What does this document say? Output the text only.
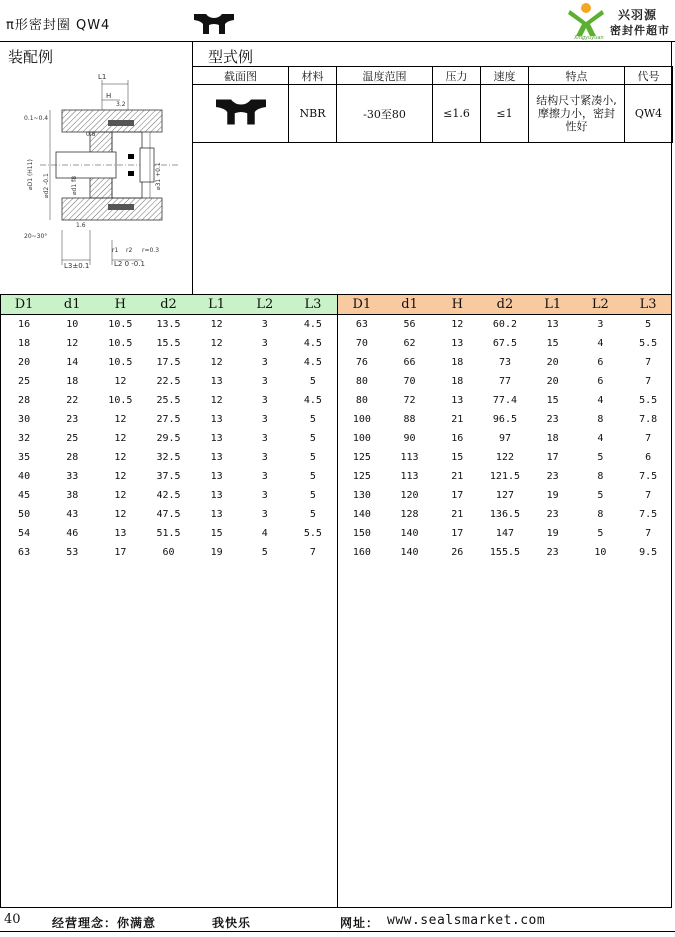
π形密封圈 QW4
兴羽源
密封件超市
Xingyuyuan
装配例	型式例
L1
H
0.1~0.4
⌀D1 (H11) ⌀d2 -0.1	⌀d1 f8	⌀31 +0.1
20~30°
L3±0.1	L2 0 -0.1
r1 r2 r=0.3
1.6
3.2
0.8
截面图	材料	温度范围	压力	速度	特点	代号
	NBR	-30至80	≤1.6	≤1	结构尺寸紧凑小,
摩擦力小，密封
性好	QW4
D1	d1	H	d2	L1	L2	L3
16	10	10.5	13.5	12	3	4.5
18	12	10.5	15.5	12	3	4.5
20	14	10.5	17.5	12	3	4.5
25	18	12	22.5	13	3	5
28	22	10.5	25.5	12	3	4.5
30	23	12	27.5	13	3	5
32	25	12	29.5	13	3	5
35	28	12	32.5	13	3	5
40	33	12	37.5	13	3	5
45	38	12	42.5	13	3	5
50	43	12	47.5	13	3	5
54	46	13	51.5	15	4	5.5
63	53	17	60	19	5	7
D1	d1	H	d2	L1	L2	L3
63	56	12	60.2	13	3	5
70	62	13	67.5	15	4	5.5
76	66	18	73	20	6	7
80	70	18	77	20	6	7
80	72	13	77.4	15	4	5.5
100	88	21	96.5	23	8	7.8
100	90	16	97	18	4	7
125	113	15	122	17	5	6
125	113	21	121.5	23	8	7.5
130	120	17	127	19	5	7
140	128	21	136.5	23	8	7.5
150	140	17	147	19	5	7
160	140	26	155.5	23	10	9.5
40	经营理念：你满意	我快乐	网址： www.sealsmarket.com
